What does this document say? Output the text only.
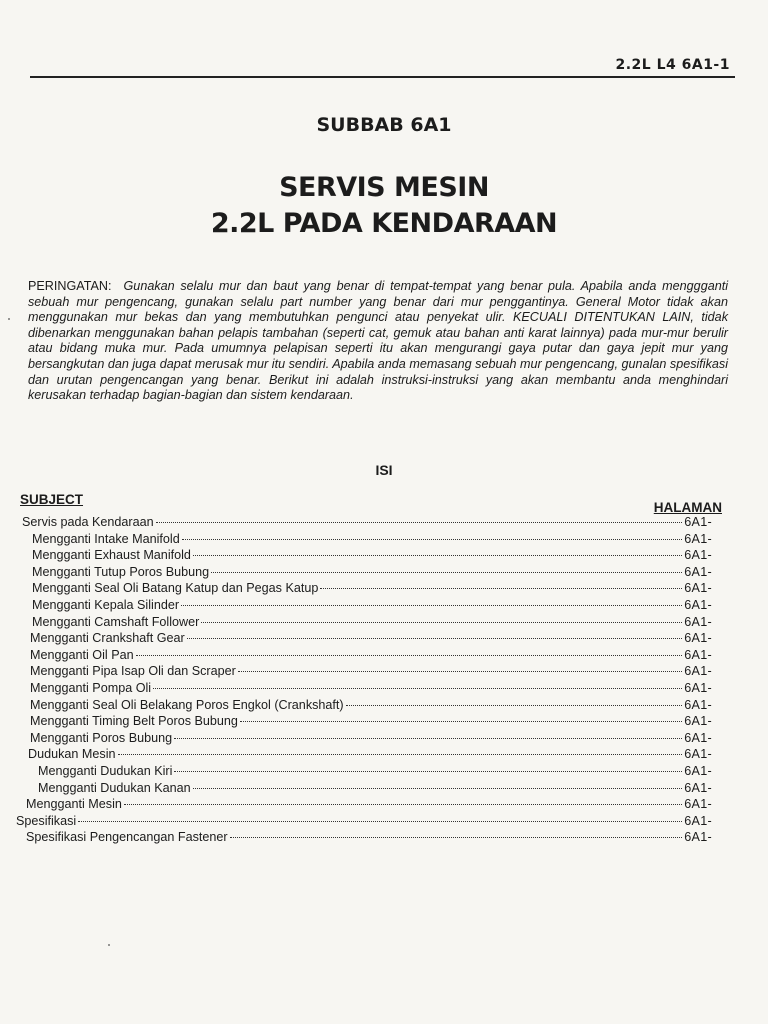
2.2L L4 6A1-1
SUBBAB 6A1
SERVIS MESIN
2.2L PADA KENDARAAN
PERINGATAN: Gunakan selalu mur dan baut yang benar di tempat-tempat yang benar pula. Apabila anda menggganti sebuah mur pengencang, gunakan selalu part number yang benar dari mur penggantinya. General Motor tidak akan menggunakan mur bekas dan yang membutuhkan pengunci atau penyekat ulir. KECUALI DITENTUKAN LAIN, tidak dibenarkan menggunakan bahan pelapis tambahan (seperti cat, gemuk atau bahan anti karat lainnya) pada mur-mur berulir atau bidang muka mur. Pada umumnya pelapisan seperti itu akan mengurangi gaya putar dan gaya jepit mur yang bersangkutan dan juga dapat merusak mur itu sendiri. Apabila anda memasang sebuah mur pengencang, gunalan spesifikasi dan urutan pengencangan yang benar. Berikut ini adalah instruksi-instruksi yang akan membantu anda menghindari kerusakan terhadap bagian-bagian dan sistem kendaraan.
ISI
SUBJECT
HALAMAN
Servis pada Kendaraan	6A1-
Mengganti Intake Manifold	6A1-
Mengganti Exhaust Manifold	6A1-
Mengganti Tutup Poros Bubung	6A1-
Mengganti Seal Oli Batang Katup dan Pegas Katup	6A1-
Mengganti Kepala Silinder	6A1-
Mengganti Camshaft Follower	6A1-
Mengganti Crankshaft Gear	6A1-
Mengganti Oil Pan	6A1-
Mengganti Pipa Isap Oli dan Scraper	6A1-
Mengganti Pompa Oli	6A1-
Mengganti Seal Oli Belakang Poros Engkol (Crankshaft)	6A1-
Mengganti Timing Belt Poros Bubung	6A1-
Mengganti Poros Bubung	6A1-
Dudukan Mesin	6A1-
Mengganti Dudukan Kiri	6A1-
Mengganti Dudukan Kanan	6A1-
Mengganti Mesin	6A1-
Spesifikasi	6A1-
Spesifikasi Pengencangan Fastener	6A1-
